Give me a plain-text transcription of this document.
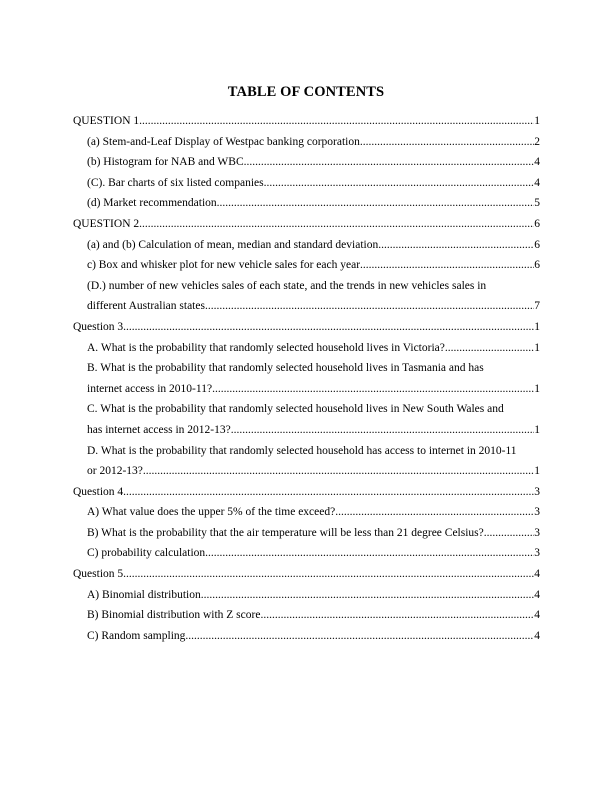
TABLE OF CONTENTS
QUESTION 1 .....	1
(a) Stem-and-Leaf Display of Westpac banking corporation .....	2
(b) Histogram for NAB and WBC .....	4
(C). Bar charts of six listed companies .....	4
(d) Market recommendation .....	5
QUESTION 2 .....	6
(a) and (b) Calculation of mean, median and standard deviation .....	6
c) Box and whisker plot for new vehicle sales for each year .....	6
(D.) number of new vehicles sales of each state, and the trends in new vehicles sales in
different Australian states .....	7
Question 3 .....	1
A. What is the probability that randomly selected household lives in Victoria? .....	1
B. What is the probability that randomly selected household lives in Tasmania and has
internet access in 2010-11? .....	1
C. What is the probability that randomly selected household lives in New South Wales and
has internet access in 2012-13? .....	1
D. What is the probability that randomly selected household has access to internet in 2010-11
or 2012-13? .....	1
Question 4 .....	3
A) What value does the upper 5% of the time exceed? .....	3
B) What is the probability that the air temperature will be less than 21 degree Celsius? .....	3
C) probability calculation .....	3
Question 5 .....	4
A) Binomial distribution .....	4
B) Binomial distribution with Z score .....	4
C) Random sampling .....	4
